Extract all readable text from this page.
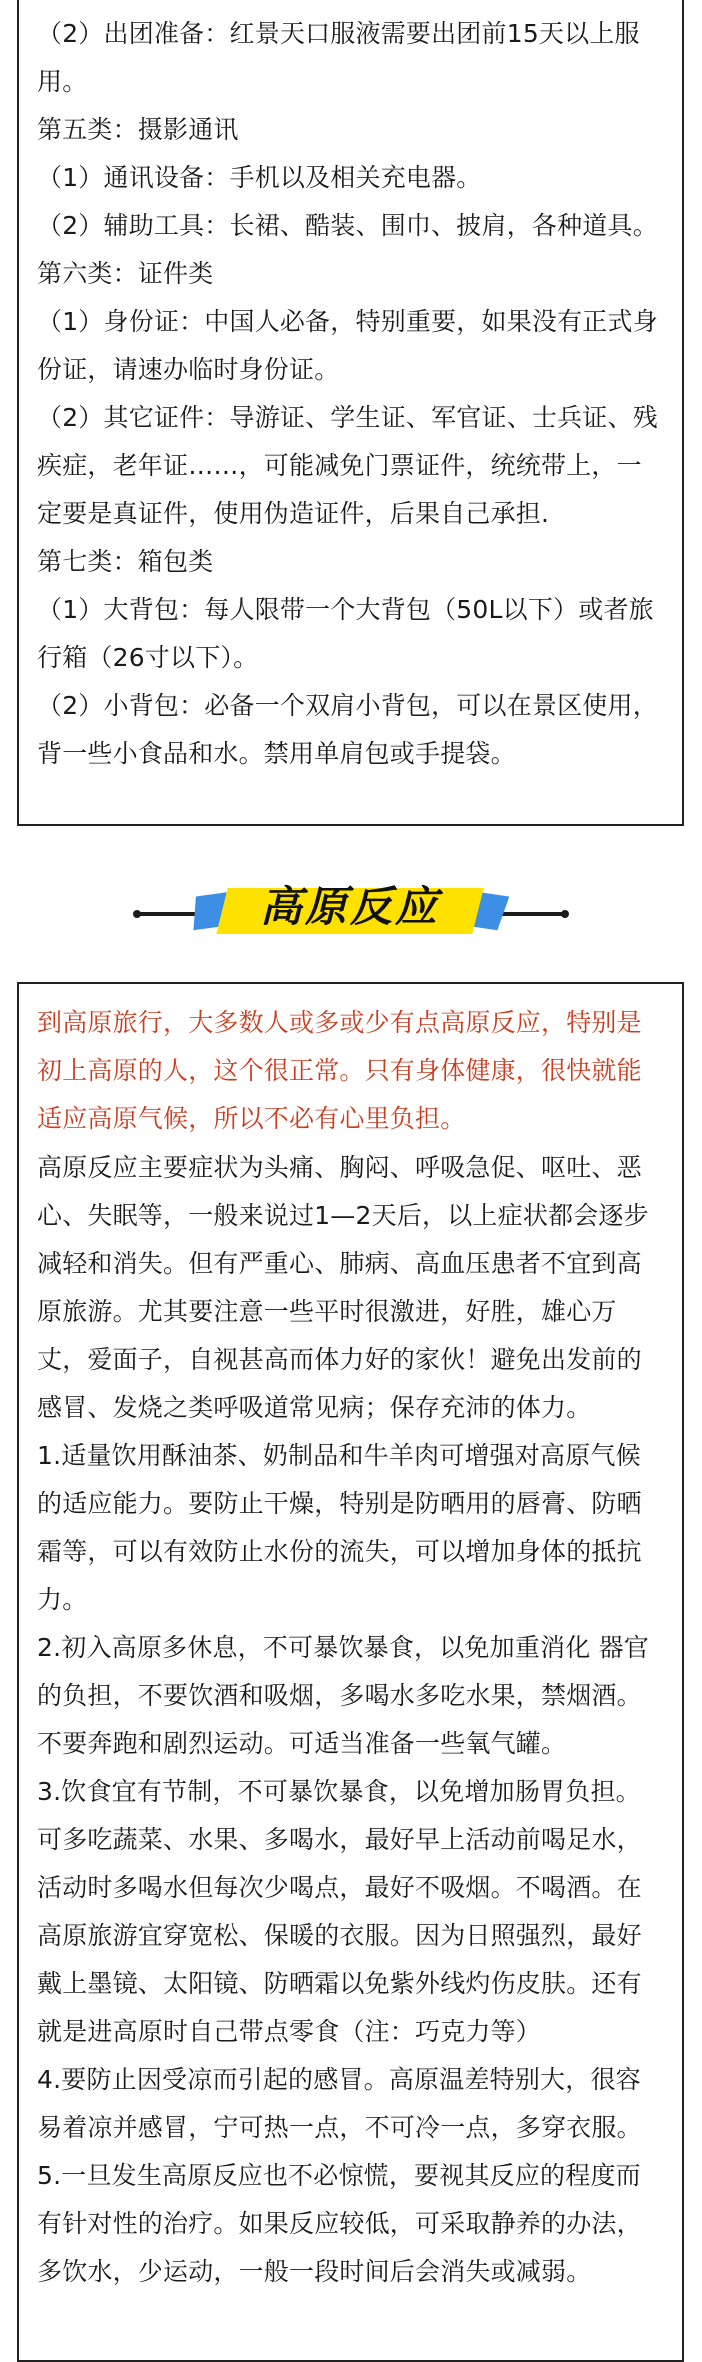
（2）出团准备：红景天口服液需要出团前15天以上服

用。

第五类：摄影通讯

（1）通讯设备：手机以及相关充电器。

（2）辅助工具：长裙、酷装、围巾、披肩，各种道具。

第六类：证件类

（1）身份证：中国人必备，特别重要，如果没有正式身

份证，请速办临时身份证。

（2）其它证件：导游证、学生证、军官证、士兵证、残

疾症，老年证……，可能减免门票证件，统统带上，一

定要是真证件，使用伪造证件，后果自己承担.

第七类：箱包类

（1）大背包：每人限带一个大背包（50L以下）或者旅

行箱（26寸以下）。

（2）小背包：必备一个双肩小背包，可以在景区使用，

背一些小食品和水。禁用单肩包或手提袋。

高原反应

到高原旅行，大多数人或多或少有点高原反应，特别是

初上高原的人，这个很正常。只有身体健康，很快就能

适应高原气候，所以不必有心里负担。

高原反应主要症状为头痛、胸闷、呼吸急促、呕吐、恶

心、失眠等，一般来说过1—2天后，以上症状都会逐步

减轻和消失。但有严重心、肺病、高血压患者不宜到高

原旅游。尤其要注意一些平时很激进，好胜，雄心万

丈，爱面子，自视甚高而体力好的家伙！避免出发前的

感冒、发烧之类呼吸道常见病；保存充沛的体力。

1.适量饮用酥油茶、奶制品和牛羊肉可增强对高原气候

的适应能力。要防止干燥，特别是防晒用的唇膏、防晒

霜等，可以有效防止水份的流失，可以增加身体的抵抗

力。

2.初入高原多休息，不可暴饮暴食，以免加重消化 器官

的负担，不要饮酒和吸烟，多喝水多吃水果，禁烟酒。

不要奔跑和剧烈运动。可适当准备一些氧气罐。

3.饮食宜有节制，不可暴饮暴食，以免增加肠胃负担。

可多吃蔬菜、水果、多喝水，最好早上活动前喝足水，

活动时多喝水但每次少喝点，最好不吸烟。不喝酒。在

高原旅游宜穿宽松、保暖的衣服。因为日照强烈，最好

戴上墨镜、太阳镜、防晒霜以免紫外线灼伤皮肤。还有

就是进高原时自己带点零食（注：巧克力等）

4.要防止因受凉而引起的感冒。高原温差特别大，很容

易着凉并感冒，宁可热一点，不可冷一点，多穿衣服。

5.一旦发生高原反应也不必惊慌，要视其反应的程度而

有针对性的治疗。如果反应较低，可采取静养的办法，

多饮水，少运动，一般一段时间后会消失或减弱。
